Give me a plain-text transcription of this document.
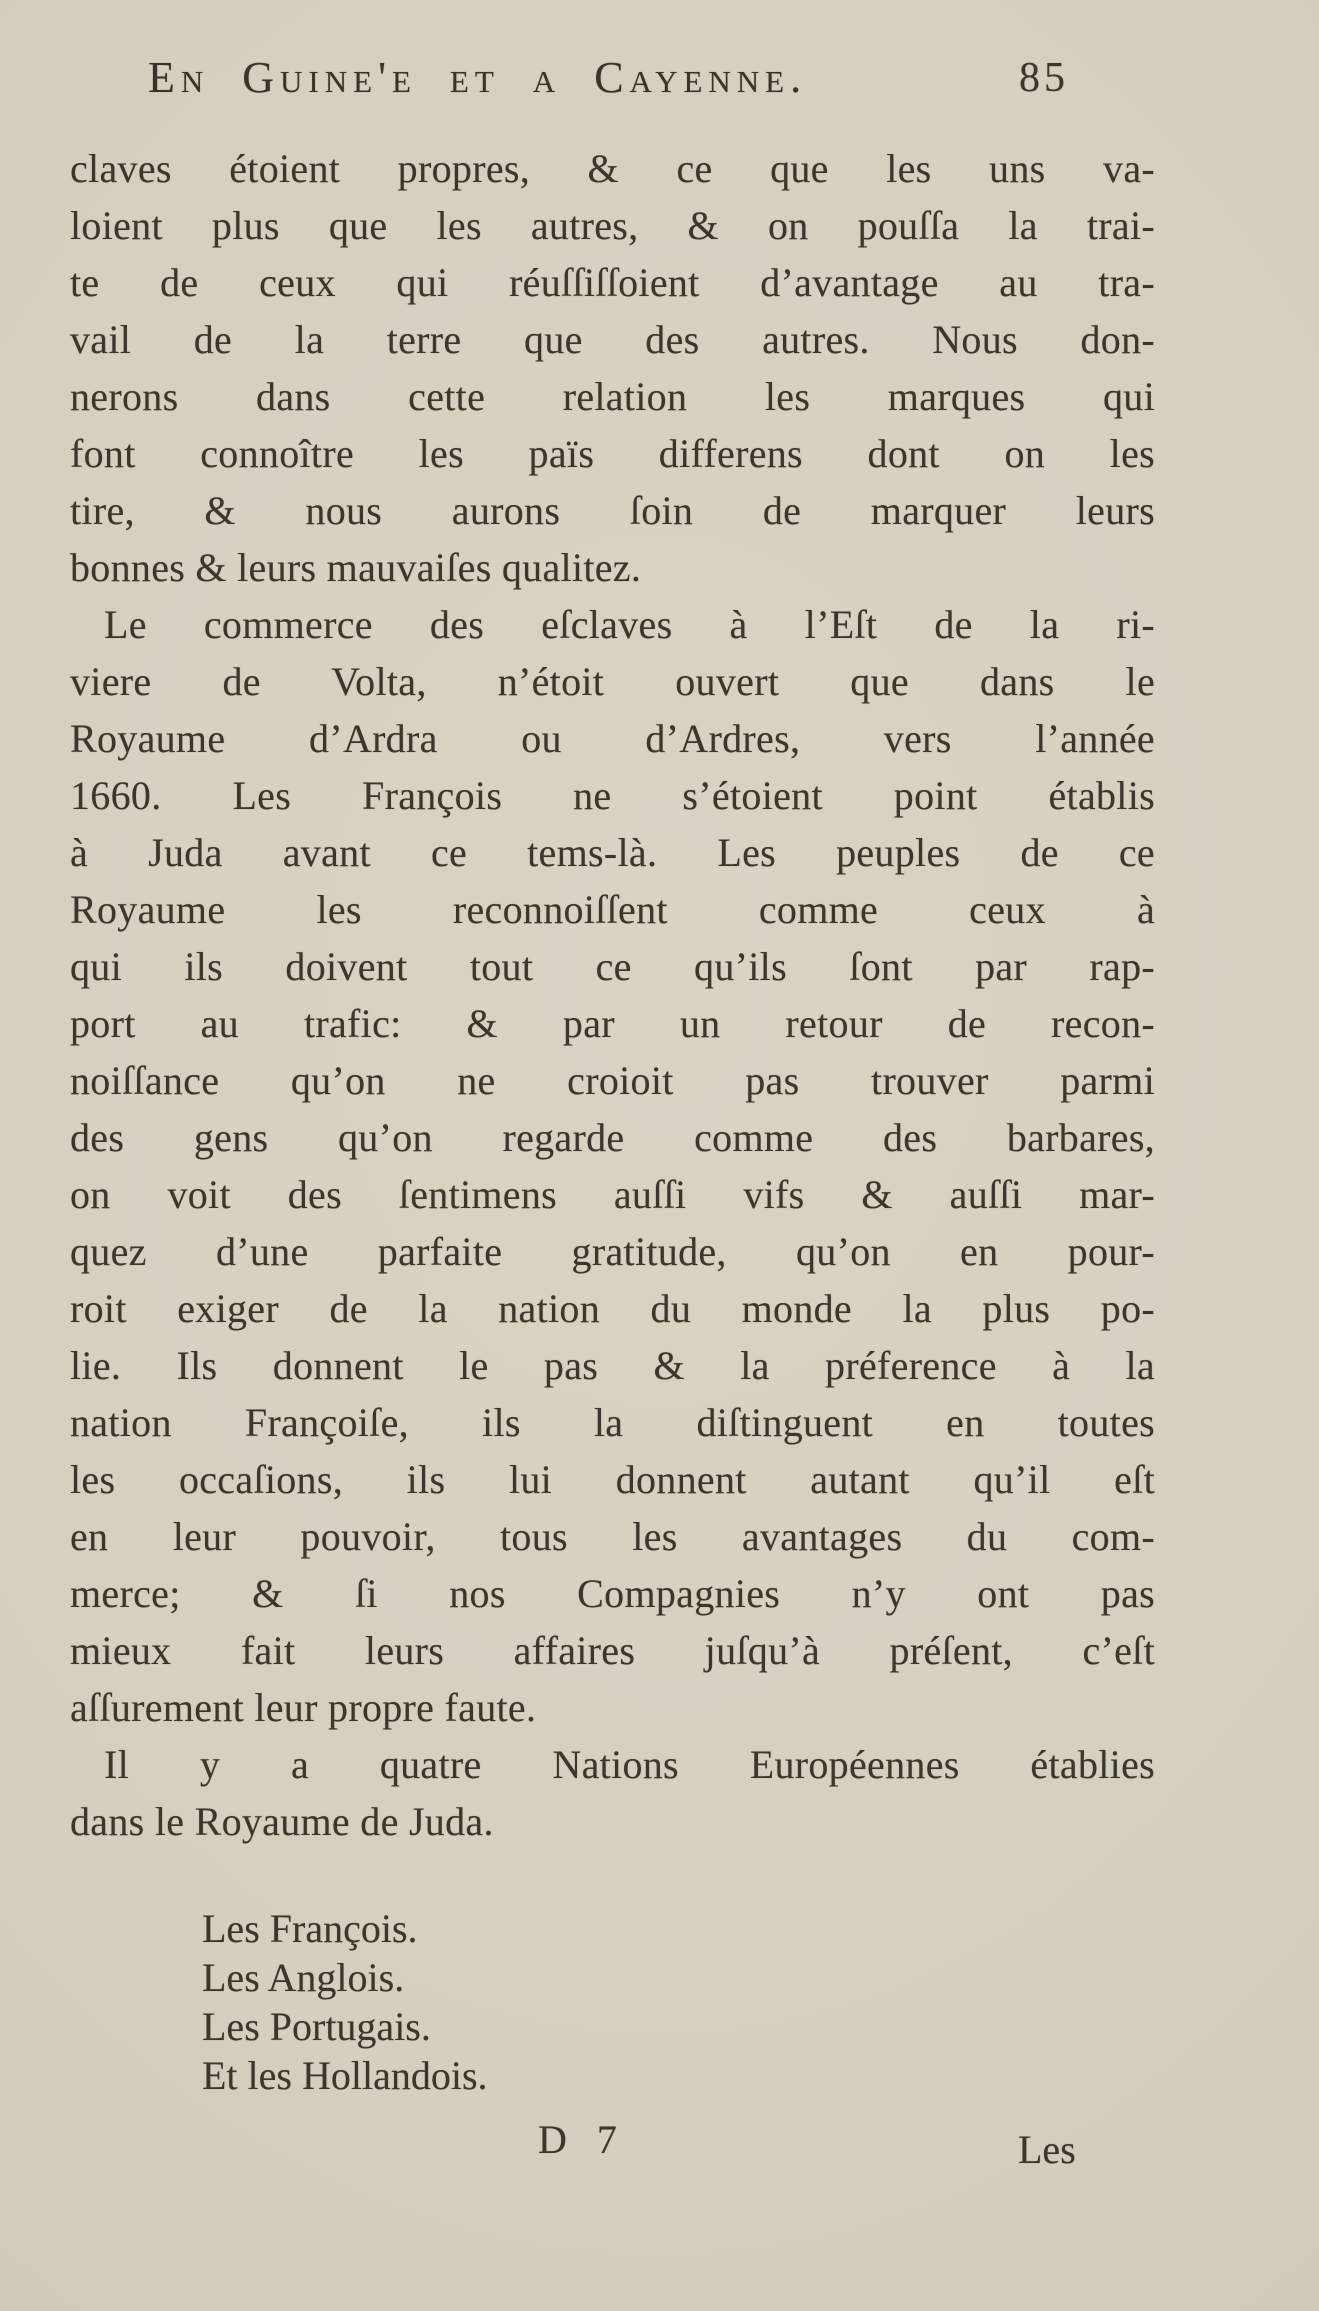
En Guine'e et a Cayenne.	85
claves étoient propres, & ce que les uns va-
loient plus que les autres, & on pouſſa la trai-
te de ceux qui réuſſiſſoient d’avantage au tra-
vail de la terre que des autres. Nous don-
nerons dans cette relation les marques qui
font connoître les païs differens dont on les
tire, & nous aurons ſoin de marquer leurs
bonnes & leurs mauvaiſes qualitez.
Le commerce des eſclaves à l’Eſt de la ri-
viere de Volta, n’étoit ouvert que dans le
Royaume d’Ardra ou d’Ardres, vers l’année
1660. Les François ne s’étoient point établis
à Juda avant ce tems-là. Les peuples de ce
Royaume les reconnoiſſent comme ceux à
qui ils doivent tout ce qu’ils ſont par rap-
port au trafic: & par un retour de recon-
noiſſance qu’on ne croioit pas trouver parmi
des gens qu’on regarde comme des barbares,
on voit des ſentimens auſſi vifs & auſſi mar-
quez d’une parfaite gratitude, qu’on en pour-
roit exiger de la nation du monde la plus po-
lie. Ils donnent le pas & la préference à la
nation Françoiſe, ils la diſtinguent en toutes
les occaſions, ils lui donnent autant qu’il eſt
en leur pouvoir, tous les avantages du com-
merce; & ſi nos Compagnies n’y ont pas
mieux fait leurs affaires juſqu’à préſent, c’eſt
aſſurement leur propre faute.
Il y a quatre Nations Européennes établies
dans le Royaume de Juda.
Les François.
Les Anglois.
Les Portugais.
Et les Hollandois.
D 7	Les
